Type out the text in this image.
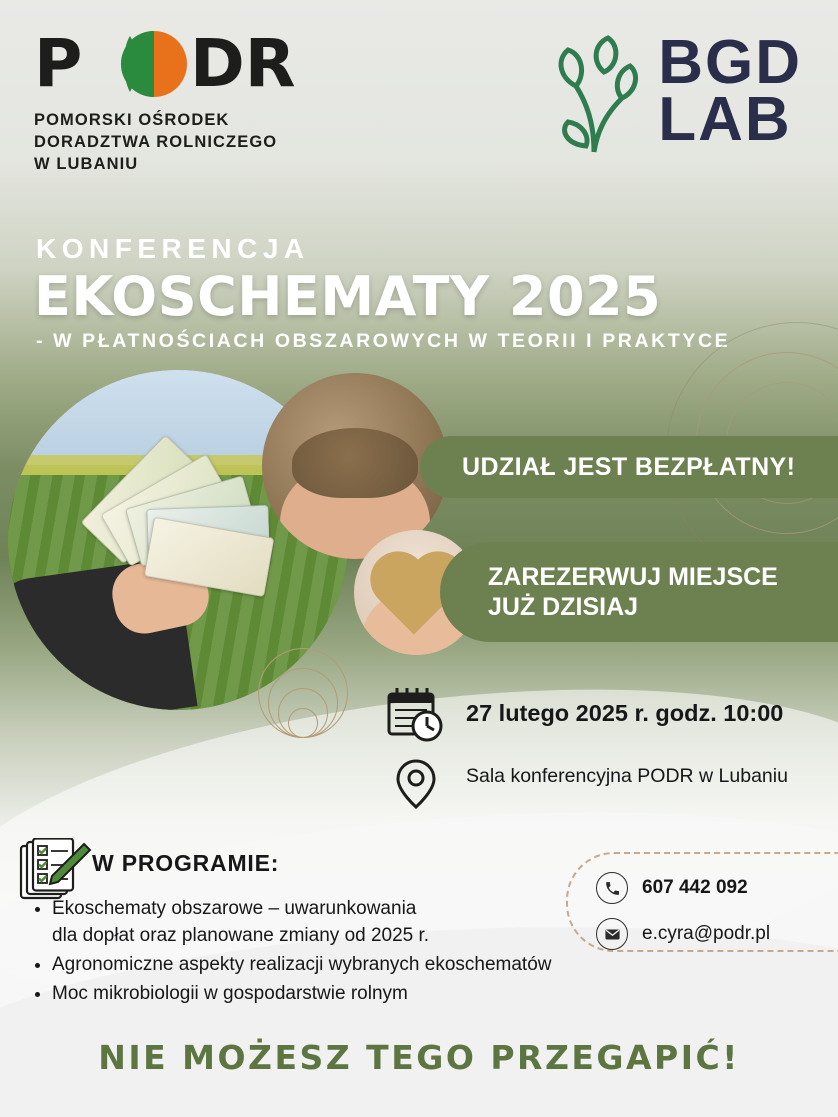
P DR
POMORSKI OŚRODEK
DORADZTWA ROLNICZEGO
W LUBANIU
BGD
LAB
KONFERENCJA
EKOSCHEMATY 2025
- W PŁATNOŚCIACH OBSZAROWYCH W TEORII I PRAKTYCE
UDZIAŁ JEST BEZPŁATNY!
ZAREZERWUJ MIEJSCE
JUŻ DZISIAJ
27 lutego 2025 r. godz. 10:00
Sala konferencyjna PODR w Lubaniu
607 442 092
e.cyra@podr.pl
W PROGRAMIE:
• Ekoschematy obszarowe – uwarunkowania
dla dopłat oraz planowane zmiany od 2025 r.
• Agronomiczne aspekty realizacji wybranych ekoschematów
• Moc mikrobiologii w gospodarstwie rolnym
NIE MOŻESZ TEGO PRZEGAPIĆ!
